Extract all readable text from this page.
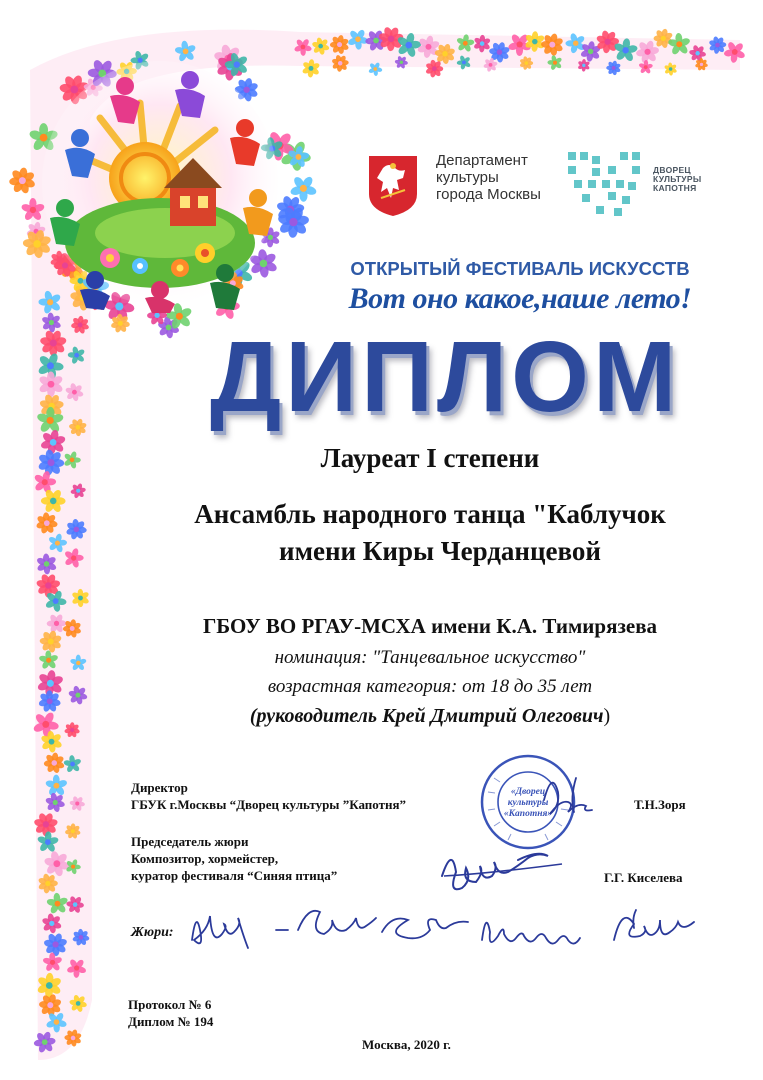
Департамент
культуры
города Москвы
ДВОРЕЦ
КУЛЬТУРЫ
КАПОТНЯ
ОТКРЫТЫЙ ФЕСТИВАЛЬ ИСКУССТВ
Вот оно какое,наше лето!
ДИПЛОМ
Лауреат I степени
Ансамбль народного танца "Каблучок
имени Киры Черданцевой
ГБОУ ВО РГАУ-МСХА имени К.А. Тимирязева
номинация: "Танцевальное искусство"
возрастная категория: от 18 до 35 лет
(руководитель Крей Дмитрий Олегович)
Директор
ГБУК г.Москвы “Дворец культуры ”Капотня”	Т.Н.Зоря
Председатель жюри
Композитор, хормейстер,
куратор фестиваля “Синяя птица”	Г.Г. Киселева
Жюри:
«Дворец
культуры
«Капотня»
Протокол № 6
Диплом № 194
Москва, 2020 г.
